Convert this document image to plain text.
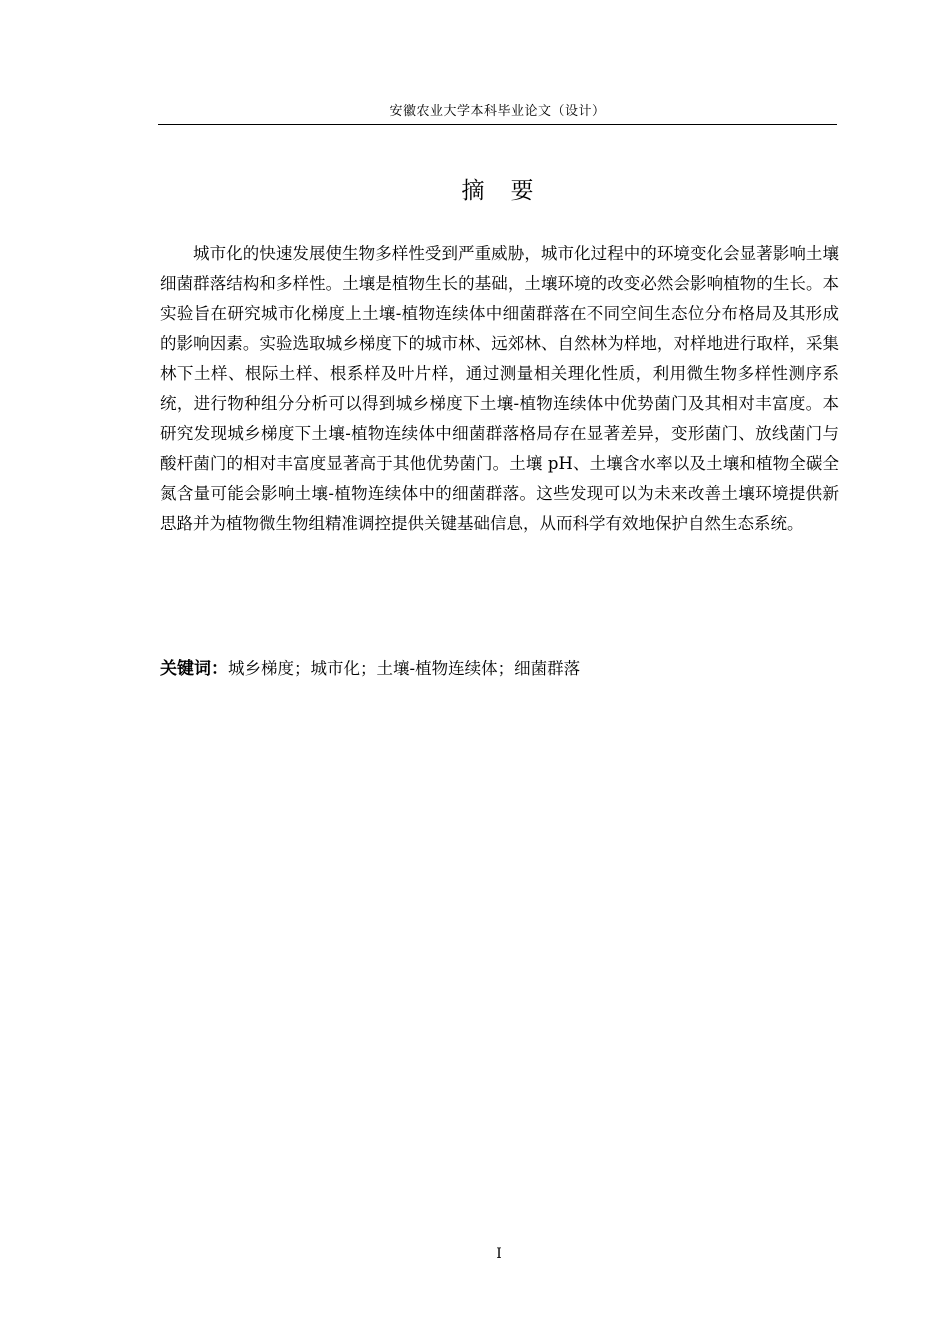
安徽农业大学本科毕业论文（设计）
摘要

城市化的快速发展使生物多样性受到严重威胁，城市化过程中的环境变化会显著影响土壤细菌群落结构和多样性。土壤是植物生长的基础，土壤环境的改变必然会影响植物的生长。本实验旨在研究城市化梯度上土壤-植物连续体中细菌群落在不同空间生态位分布格局及其形成的影响因素。实验选取城乡梯度下的城市林、远郊林、自然林为样地，对样地进行取样，采集林下土样、根际土样、根系样及叶片样，通过测量相关理化性质，利用微生物多样性测序系统，进行物种组分分析可以得到城乡梯度下土壤-植物连续体中优势菌门及其相对丰富度。本研究发现城乡梯度下土壤-植物连续体中细菌群落格局存在显著差异，变形菌门、放线菌门与酸杆菌门的相对丰富度显著高于其他优势菌门。土壤 pH、土壤含水率以及土壤和植物全碳全氮含量可能会影响土壤-植物连续体中的细菌群落。这些发现可以为未来改善土壤环境提供新思路并为植物微生物组精准调控提供关键基础信息，从而科学有效地保护自然生态系统。

关键词：城乡梯度；城市化；土壤-植物连续体；细菌群落

I
